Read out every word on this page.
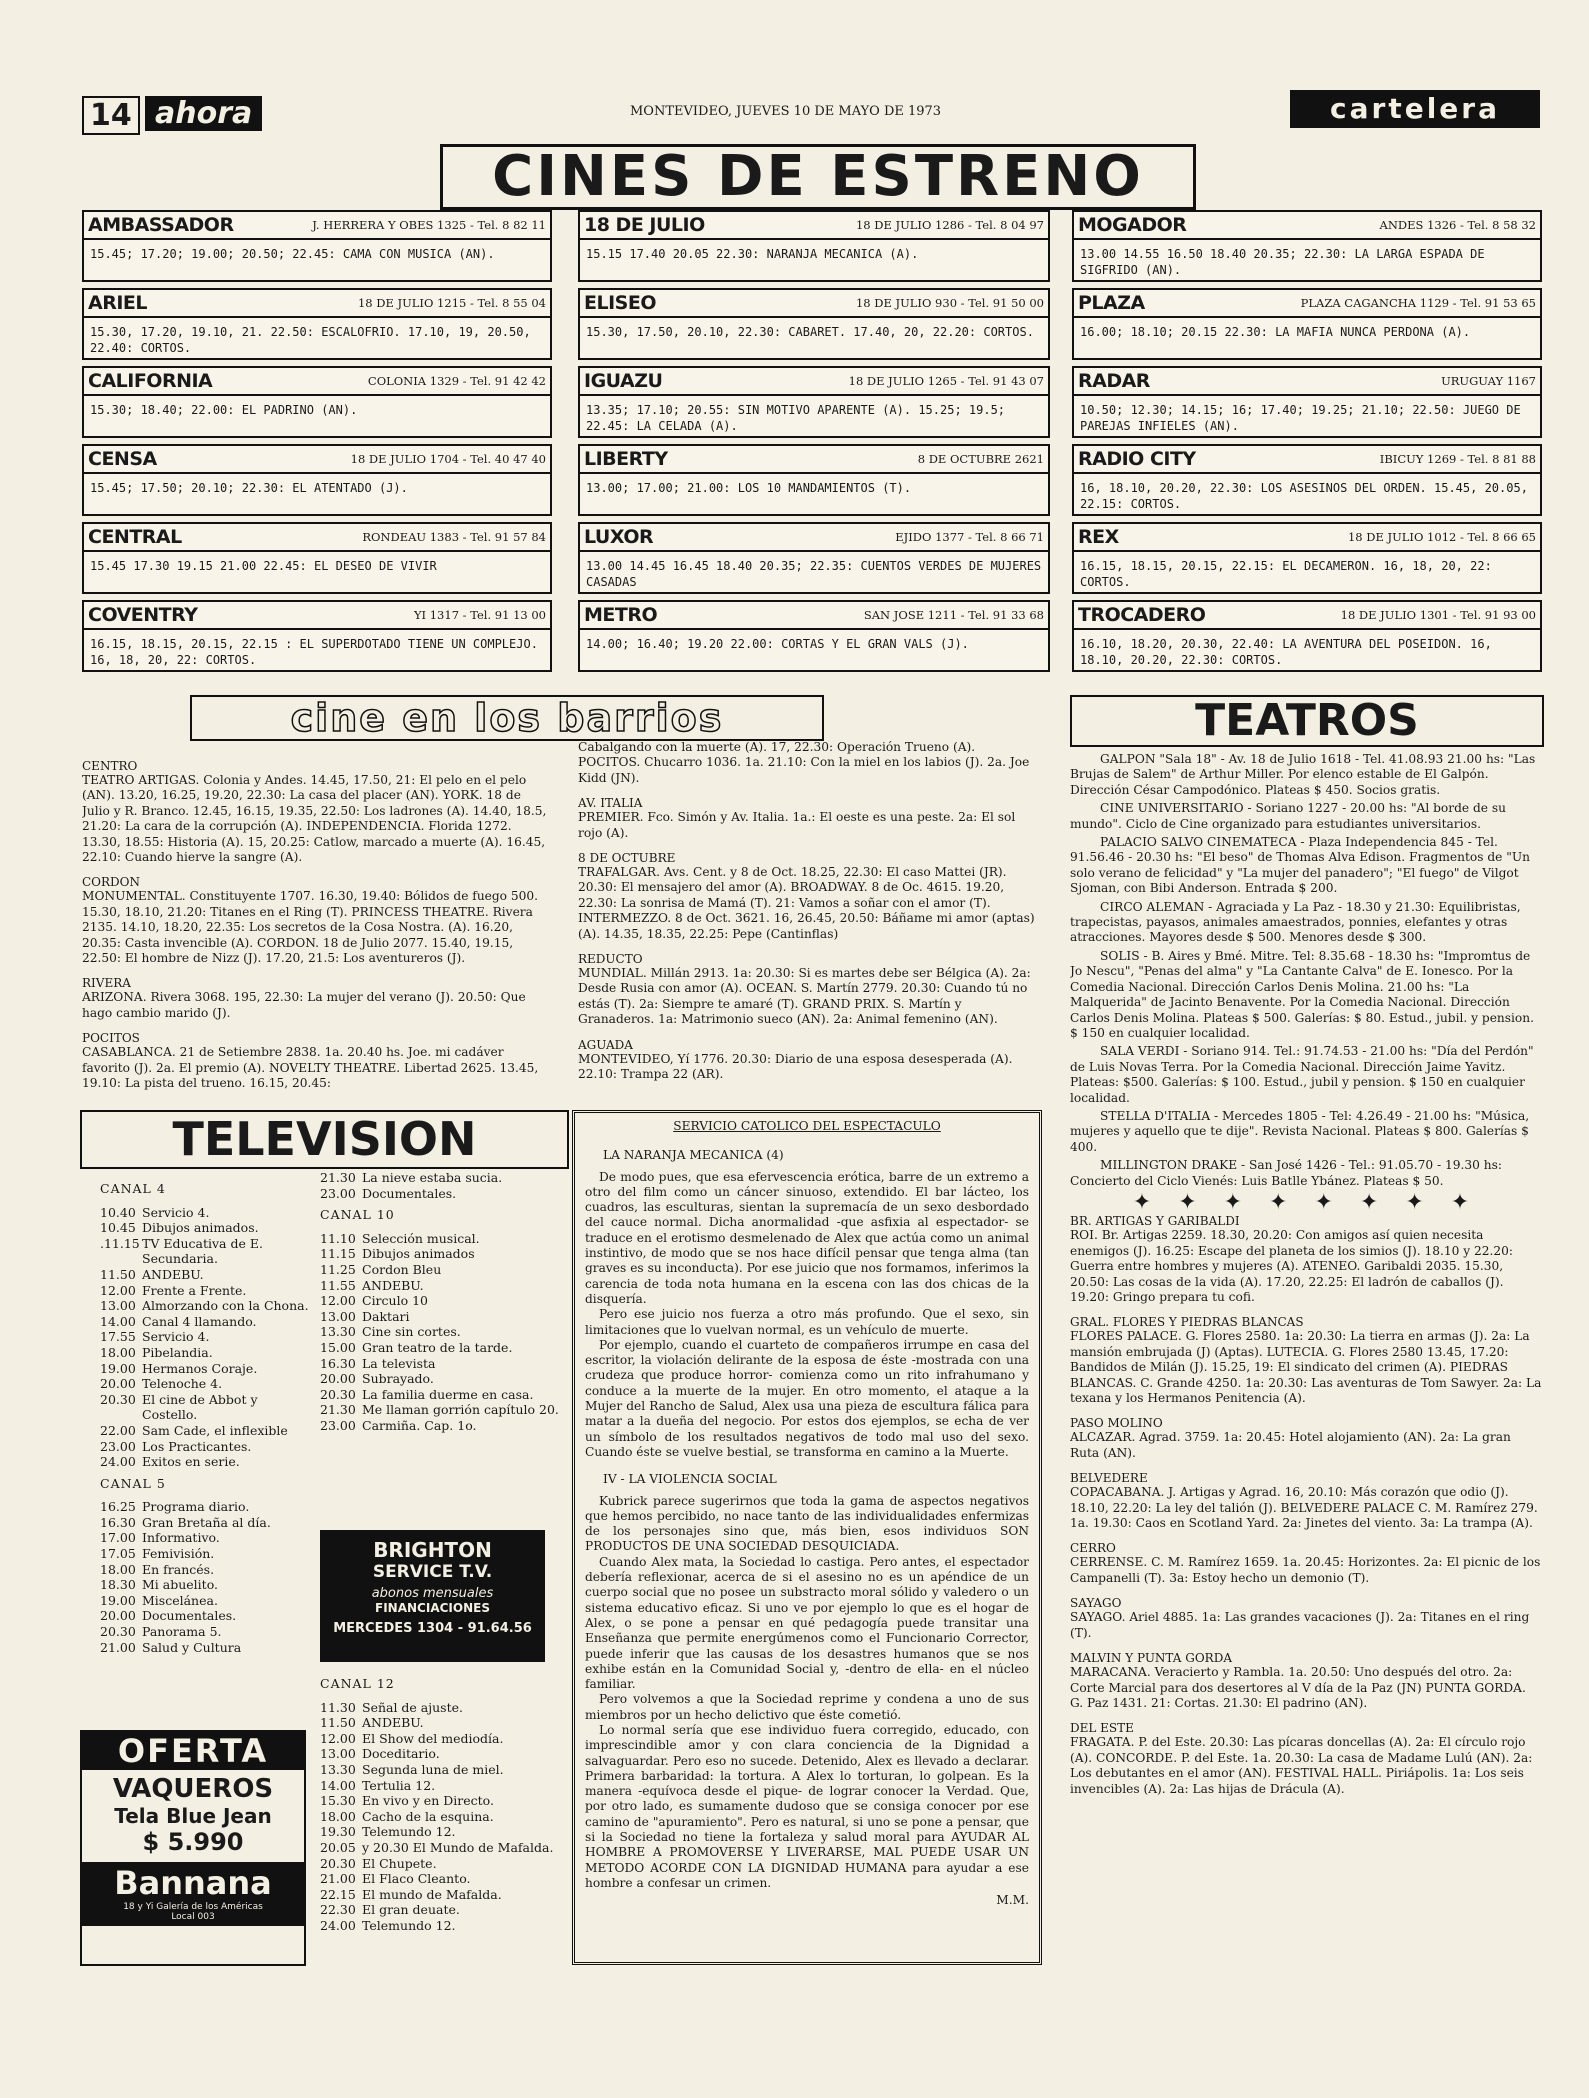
14 ahora	MONTEVIDEO, JUEVES 10 DE MAYO DE 1973	cartelera
CINES DE ESTRENO
AMBASSADOR	J. HERRERA Y OBES 1325 - Tel. 8 82 11
15.45; 17.20; 19.00; 20.50; 22.45: CAMA CON MUSICA (AN).
ARIEL	18 DE JULIO 1215 - Tel. 8 55 04
15.30, 17.20, 19.10, 21. 22.50: ESCALOFRIO. 17.10, 19, 20.50, 22.40: CORTOS.
CALIFORNIA	COLONIA 1329 - Tel. 91 42 42
15.30; 18.40; 22.00: EL PADRINO (AN).
CENSA	18 DE JULIO 1704 - Tel. 40 47 40
15.45; 17.50; 20.10; 22.30: EL ATENTADO (J).
CENTRAL	RONDEAU 1383 - Tel. 91 57 84
15.45 17.30 19.15 21.00 22.45: EL DESEO DE VIVIR
COVENTRY	YI 1317 - Tel. 91 13 00
16.15, 18.15, 20.15, 22.15 : EL SUPERDOTADO TIENE UN COMPLEJO. 16, 18, 20, 22: CORTOS.
18 DE JULIO	18 DE JULIO 1286 - Tel. 8 04 97
15.15 17.40 20.05 22.30: NARANJA MECANICA (A).
ELISEO	18 DE JULIO 930 - Tel. 91 50 00
15.30, 17.50, 20.10, 22.30: CABARET. 17.40, 20, 22.20: CORTOS.
IGUAZU	18 DE JULIO 1265 - Tel. 91 43 07
13.35; 17.10; 20.55: SIN MOTIVO APARENTE (A). 15.25; 19.5; 22.45: LA CELADA (A).
LIBERTY	8 DE OCTUBRE 2621
13.00; 17.00; 21.00: LOS 10 MANDAMIENTOS (T).
LUXOR	EJIDO 1377 - Tel. 8 66 71
13.00 14.45 16.45 18.40 20.35; 22.35: CUENTOS VERDES DE MUJERES CASADAS
METRO	SAN JOSE 1211 - Tel. 91 33 68
14.00; 16.40; 19.20 22.00: CORTAS Y EL GRAN VALS (J).
MOGADOR	ANDES 1326 - Tel. 8 58 32
13.00 14.55 16.50 18.40 20.35; 22.30: LA LARGA ESPADA DE SIGFRIDO (AN).
PLAZA	PLAZA CAGANCHA 1129 - Tel. 91 53 65
16.00; 18.10; 20.15 22.30: LA MAFIA NUNCA PERDONA (A).
RADAR	URUGUAY 1167
10.50; 12.30; 14.15; 16; 17.40; 19.25; 21.10; 22.50: JUEGO DE PAREJAS INFIELES (AN).
RADIO CITY	IBICUY 1269 - Tel. 8 81 88
16, 18.10, 20.20, 22.30: LOS ASESINOS DEL ORDEN. 15.45, 20.05, 22.15: CORTOS.
REX	18 DE JULIO 1012 - Tel. 8 66 65
16.15, 18.15, 20.15, 22.15: EL DECAMERON. 16, 18, 20, 22: CORTOS.
TROCADERO	18 DE JULIO 1301 - Tel. 91 93 00
16.10, 18.20, 20.30, 22.40: LA AVENTURA DEL POSEIDON. 16, 18.10, 20.20, 22.30: CORTOS.
cine en los barrios
CENTRO

TEATRO ARTIGAS. Colonia y Andes. 14.45, 17.50, 21: El pelo en el pelo (AN). 13.20, 16.25, 19.20, 22.30: La casa del placer (AN). YORK. 18 de Julio y R. Branco. 12.45, 16.15, 19.35, 22.50: Los ladrones (A). 14.40, 18.5, 21.20: La cara de la corrupción (A). INDEPENDENCIA. Florida 1272. 13.30, 18.55: Historia (A). 15, 20.25: Catlow, marcado a muerte (A). 16.45, 22.10: Cuando hierve la sangre (A).

CORDON

MONUMENTAL. Constituyente 1707. 16.30, 19.40: Bólidos de fuego 500. 15.30, 18.10, 21.20: Titanes en el Ring (T). PRINCESS THEATRE. Rivera 2135. 14.10, 18.20, 22.35: Los secretos de la Cosa Nostra. (A). 16.20, 20.35: Casta invencible (A). CORDON. 18 de Julio 2077. 15.40, 19.15, 22.50: El hombre de Nizz (J). 17.20, 21.5: Los aventureros (J).

RIVERA

ARIZONA. Rivera 3068. 195, 22.30: La mujer del verano (J). 20.50: Que hago cambio marido (J).

POCITOS

CASABLANCA. 21 de Setiembre 2838. 1a. 20.40 hs. Joe. mi cadáver favorito (J). 2a. El premio (A). NOVELTY THEATRE. Libertad 2625. 13.45, 19.10: La pista del trueno. 16.15, 20.45:

Cabalgando con la muerte (A). 17, 22.30: Operación Trueno (A). POCITOS. Chucarro 1036. 1a. 21.10: Con la miel en los labios (J). 2a. Joe Kidd (JN).

AV. ITALIA

PREMIER. Fco. Simón y Av. Italia. 1a.: El oeste es una peste. 2a: El sol rojo (A).

8 DE OCTUBRE

TRAFALGAR. Avs. Cent. y 8 de Oct. 18.25, 22.30: El caso Mattei (JR). 20.30: El mensajero del amor (A). BROADWAY. 8 de Oc. 4615. 19.20, 22.30: La sonrisa de Mamá (T). 21: Vamos a soñar con el amor (T). INTERMEZZO. 8 de Oct. 3621. 16, 26.45, 20.50: Báñame mi amor (aptas) (A). 14.35, 18.35, 22.25: Pepe (Cantinflas)

REDUCTO

MUNDIAL. Millán 2913. 1a: 20.30: Si es martes debe ser Bélgica (A). 2a: Desde Rusia con amor (A). OCEAN. S. Martín 2779. 20.30: Cuando tú no estás (T). 2a: Siempre te amaré (T). GRAND PRIX. S. Martín y Granaderos. 1a: Matrimonio sueco (AN). 2a: Animal femenino (AN).

AGUADA

MONTEVIDEO, Yí 1776. 20.30: Diario de una esposa desesperada (A). 22.10: Trampa 22 (AR).

TEATROS

GALPON "Sala 18" - Av. 18 de Julio 1618 - Tel. 41.08.93 21.00 hs: "Las Brujas de Salem" de Arthur Miller. Por elenco estable de El Galpón. Dirección César Campodónico. Plateas $ 450. Socios gratis.

CINE UNIVERSITARIO - Soriano 1227 - 20.00 hs: "Al borde de su mundo". Ciclo de Cine organizado para estudiantes universitarios.

PALACIO SALVO CINEMATECA - Plaza Independencia 845 - Tel. 91.56.46 - 20.30 hs: "El beso" de Thomas Alva Edison. Fragmentos de "Un solo verano de felicidad" y "La mujer del panadero"; "El fuego" de Vilgot Sjoman, con Bibi Anderson. Entrada $ 200.

CIRCO ALEMAN - Agraciada y La Paz - 18.30 y 21.30: Equilibristas, trapecistas, payasos, animales amaestrados, ponnies, elefantes y otras atracciones. Mayores desde $ 500. Menores desde $ 300.

SOLIS - B. Aires y Bmé. Mitre. Tel: 8.35.68 - 18.30 hs: "Impromtus de Jo Nescu", "Penas del alma" y "La Cantante Calva" de E. Ionesco. Por la Comedia Nacional. Dirección Carlos Denis Molina. 21.00 hs: "La Malquerida" de Jacinto Benavente. Por la Comedia Nacional. Dirección Carlos Denis Molina. Plateas $ 500. Galerías: $ 80. Estud., jubil. y pension. $ 150 en cualquier localidad.

SALA VERDI - Soriano 914. Tel.: 91.74.53 - 21.00 hs: "Día del Perdón" de Luis Novas Terra. Por la Comedia Nacional. Dirección Jaime Yavitz. Plateas: $500. Galerías: $ 100. Estud., jubil y pension. $ 150 en cualquier localidad.

STELLA D'ITALIA - Mercedes 1805 - Tel: 4.26.49 - 21.00 hs: "Música, mujeres y aquello que te dije". Revista Nacional. Plateas $ 800. Galerías $ 400.

MILLINGTON DRAKE - San José 1426 - Tel.: 91.05.70 - 19.30 hs: Concierto del Ciclo Vienés: Luis Batlle Ybánez. Plateas $ 50.

✦ ✦ ✦ ✦ ✦ ✦ ✦ ✦
BR. ARTIGAS Y GARIBALDI

ROI. Br. Artigas 2259. 18.30, 20.20: Con amigos así quien necesita enemigos (J). 16.25: Escape del planeta de los simios (J). 18.10 y 22.20: Guerra entre hombres y mujeres (A). ATENEO. Garibaldi 2035. 15.30, 20.50: Las cosas de la vida (A). 17.20, 22.25: El ladrón de caballos (J). 19.20: Gringo prepara tu cofi.

GRAL. FLORES Y PIEDRAS BLANCAS

FLORES PALACE. G. Flores 2580. 1a: 20.30: La tierra en armas (J). 2a: La mansión embrujada (J) (Aptas). LUTECIA. G. Flores 2580 13.45, 17.20: Bandidos de Milán (J). 15.25, 19: El sindicato del crimen (A). PIEDRAS BLANCAS. C. Grande 4250. 1a: 20.30: Las aventuras de Tom Sawyer. 2a: La texana y los Hermanos Penitencia (A).

PASO MOLINO

ALCAZAR. Agrad. 3759. 1a: 20.45: Hotel alojamiento (AN). 2a: La gran Ruta (AN).

BELVEDERE

COPACABANA. J. Artigas y Agrad. 16, 20.10: Más corazón que odio (J). 18.10, 22.20: La ley del talión (J). BELVEDERE PALACE C. M. Ramírez 279. 1a. 19.30: Caos en Scotland Yard. 2a: Jinetes del viento. 3a: La trampa (A).

CERRO

CERRENSE. C. M. Ramírez 1659. 1a. 20.45: Horizontes. 2a: El picnic de los Campanelli (T). 3a: Estoy hecho un demonio (T).

SAYAGO

SAYAGO. Ariel 4885. 1a: Las grandes vacaciones (J). 2a: Titanes en el ring (T).

MALVIN Y PUNTA GORDA

MARACANA. Veracierto y Rambla. 1a. 20.50: Uno después del otro. 2a: Corte Marcial para dos desertores al V día de la Paz (JN) PUNTA GORDA. G. Paz 1431. 21: Cortas. 21.30: El padrino (AN).

DEL ESTE

FRAGATA. P. del Este. 20.30: Las pícaras doncellas (A). 2a: El círculo rojo (A). CONCORDE. P. del Este. 1a. 20.30: La casa de Madame Lulú (AN). 2a: Los debutantes en el amor (AN). FESTIVAL HALL. Piriápolis. 1a: Los seis invencibles (A). 2a: Las hijas de Drácula (A).

TELEVISION
CANAL 4
10.40 Servicio 4.
10.45 Dibujos animados.
.11.15 TV Educativa de E. Secundaria.
11.50 ANDEBU.
12.00 Frente a Frente.
13.00 Almorzando con la Chona.
14.00 Canal 4 llamando.
17.55 Servicio 4.
18.00 Pibelandia.
19.00 Hermanos Coraje.
20.00 Telenoche 4.
20.30 El cine de Abbot y Costello.
22.00 Sam Cade, el inflexible
23.00 Los Practicantes.
24.00 Exitos en serie.
CANAL 5
16.25 Programa diario.
16.30 Gran Bretaña al día.
17.00 Informativo.
17.05 Femivisión.
18.00 En francés.
18.30 Mi abuelito.
19.00 Miscelánea.
20.00 Documentales.
20.30 Panorama 5.
21.00 Salud y Cultura
21.30 La nieve estaba sucia.
23.00 Documentales.
CANAL 10
11.10 Selección musical.
11.15 Dibujos animados
11.25 Cordon Bleu
11.55 ANDEBU.
12.00 Circulo 10
13.00 Daktari
13.30 Cine sin cortes.
15.00 Gran teatro de la tarde.
16.30 La televista
20.00 Subrayado.
20.30 La familia duerme en casa.
21.30 Me llaman gorrión capítulo 20.
23.00 Carmiña. Cap. 1o.
CANAL 12
11.30 Señal de ajuste.
11.50 ANDEBU.
12.00 El Show del mediodía.
13.00 Doceditario.
13.30 Segunda luna de miel.
14.00 Tertulia 12.
15.30 En vivo y en Directo.
18.00 Cacho de la esquina.
19.30 Telemundo 12.
20.05 y 20.30 El Mundo de Mafalda.
20.30 El Chupete.
21.00 El Flaco Cleanto.
22.15 El mundo de Mafalda.
22.30 El gran deuate.
24.00 Telemundo 12.
BRIGHTON
SERVICE T.V.
abonos mensuales
FINANCIACIONES
MERCEDES 1304 - 91.64.56
OFERTA
VAQUEROS
Tela Blue Jean
$ 5.990
Bannana
18 y Yi Galería de los Américas
Local 003
SERVICIO CATOLICO DEL ESPECTACULO
LA NARANJA MECANICA (4)

De modo pues, que esa efervescencia erótica, barre de un extremo a otro del film como un cáncer sinuoso, extendido. El bar lácteo, los cuadros, las esculturas, sientan la supremacía de un sexo desbordado del cauce normal. Dicha anormalidad -que asfixia al espectador- se traduce en el erotismo desmelenado de Alex que actúa como un animal instintivo, de modo que se nos hace difícil pensar que tenga alma (tan graves es su inconducta). Por ese juicio que nos formamos, inferimos la carencia de toda nota humana en la escena con las dos chicas de la disquería.

Pero ese juicio nos fuerza a otro más profundo. Que el sexo, sin limitaciones que lo vuelvan normal, es un vehículo de muerte.

Por ejemplo, cuando el cuarteto de compañeros irrumpe en casa del escritor, la violación delirante de la esposa de éste -mostrada con una crudeza que produce horror- comienza como un rito infrahumano y conduce a la muerte de la mujer. En otro momento, el ataque a la Mujer del Rancho de Salud, Alex usa una pieza de escultura fálica para matar a la dueña del negocio. Por estos dos ejemplos, se echa de ver un símbolo de los resultados negativos de todo mal uso del sexo. Cuando éste se vuelve bestial, se transforma en camino a la Muerte.

IV - LA VIOLENCIA SOCIAL

Kubrick parece sugerirnos que toda la gama de aspectos negativos que hemos percibido, no nace tanto de las individualidades enfermizas de los personajes sino que, más bien, esos individuos SON PRODUCTOS DE UNA SOCIEDAD DESQUICIADA.

Cuando Alex mata, la Sociedad lo castiga. Pero antes, el espectador debería reflexionar, acerca de si el asesino no es un apéndice de un cuerpo social que no posee un substracto moral sólido y valedero o un sistema educativo eficaz. Si uno ve por ejemplo lo que es el hogar de Alex, o se pone a pensar en qué pedagogía puede transitar una Enseñanza que permite energúmenos como el Funcionario Corrector, puede inferir que las causas de los desastres humanos que se nos exhibe están en la Comunidad Social y, -dentro de ella- en el núcleo familiar.

Pero volvemos a que la Sociedad reprime y condena a uno de sus miembros por un hecho delictivo que éste cometió.

Lo normal sería que ese individuo fuera corregido, educado, con imprescindible amor y con clara conciencia de la Dignidad a salvaguardar. Pero eso no sucede. Detenido, Alex es llevado a declarar. Primera barbaridad: la tortura. A Alex lo torturan, lo golpean. Es la manera -equívoca desde el pique- de lograr conocer la Verdad. Que, por otro lado, es sumamente dudoso que se consiga conocer por ese camino de "apuramiento". Pero es natural, si uno se pone a pensar, que si la Sociedad no tiene la fortaleza y salud moral para AYUDAR AL HOMBRE A PROMOVERSE Y LIVERARSE, MAL PUEDE USAR UN METODO ACORDE CON LA DIGNIDAD HUMANA para ayudar a ese hombre a confesar un crimen.

M.M.
